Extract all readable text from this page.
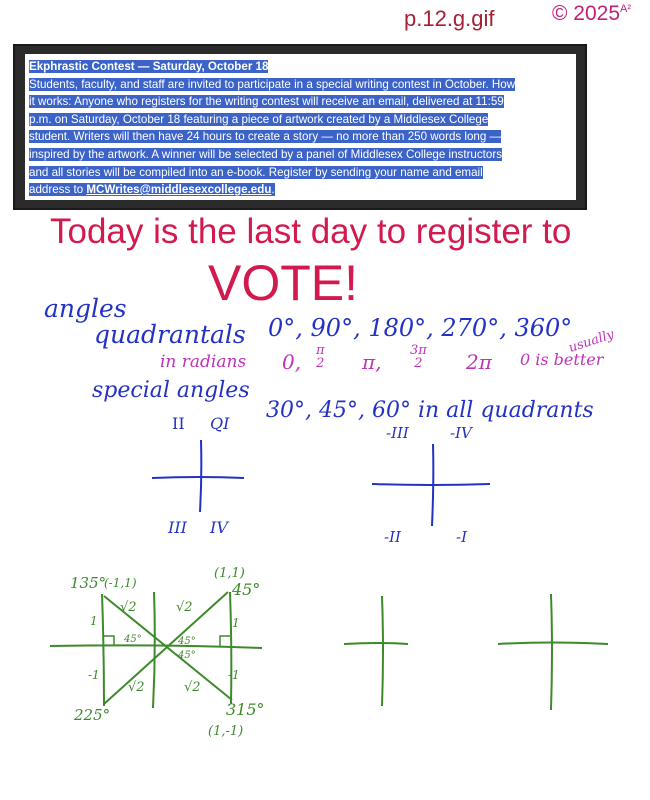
p.12.g.gif	© $2025^{A^2}$
Ekphrastic Contest — Saturday, October 18
Students, faculty, and staff are invited to participate in a special writing contest in October. How
it works: Anyone who registers for the writing contest will receive an email, delivered at 11:59
p.m. on Saturday, October 18 featuring a piece of artwork created by a Middlesex College
student. Writers will then have 24 hours to create a story — no more than 250 words long —
inspired by the artwork. A winner will be selected by a panel of Middlesex College instructors
and all stories will be compiled into an e-book. Register by sending your name and email
address to MCWrites@middlesexcollege.edu.
Today is the last day to register to
VOTE!
angles
quadrantals 0°, 90°, 180°, 270°, 360°
in radians 0, π
2 π, 3π
2 2π 0 is better
usually
special angles
30°, 45°, 60° in all quadrants
II QI
III IV
-III	-IV
-II	-I
135°
(-1,1)
(1,1)
45°
√2	√2
1	1
45°	45°
45°
-1	-1
√2	√2
225°	315°
(1,-1)
